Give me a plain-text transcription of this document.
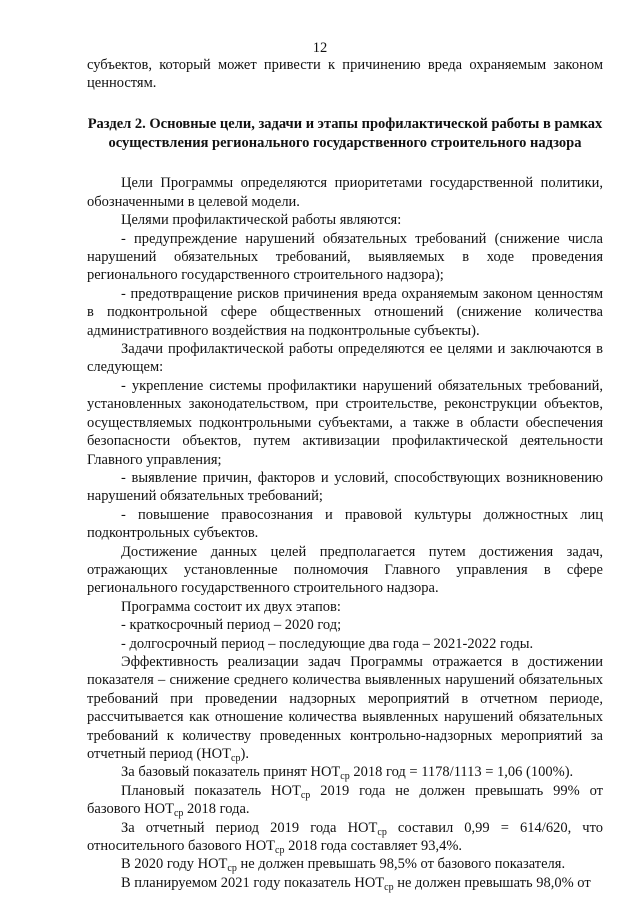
12

субъектов, который может привести к причинению вреда охраняемым законом ценностям.

Раздел 2. Основные цели, задачи и этапы профилактической работы в рамках осуществления регионального государственного строительного надзора

Цели Программы определяются приоритетами государственной политики, обозначенными в целевой модели.

Целями профилактической работы являются:

- предупреждение нарушений обязательных требований (снижение числа нарушений обязательных требований, выявляемых в ходе проведения регионального государственного строительного надзора);

- предотвращение рисков причинения вреда охраняемым законом ценностям в подконтрольной сфере общественных отношений (снижение количества административного воздействия на подконтрольные субъекты).

Задачи профилактической работы определяются ее целями и заключаются в следующем:

- укрепление системы профилактики нарушений обязательных требований, установленных законодательством, при строительстве, реконструкции объектов, осуществляемых подконтрольными субъектами, а также в области обеспечения безопасности объектов, путем активизации профилактической деятельности Главного управления;

- выявление причин, факторов и условий, способствующих возникновению нарушений обязательных требований;

- повышение правосознания и правовой культуры должностных лиц подконтрольных субъектов.

Достижение данных целей предполагается путем достижения задач, отражающих установленные полномочия Главного управления в сфере регионального государственного строительного надзора.

Программа состоит их двух этапов:

- краткосрочный период – 2020 год;

- долгосрочный период – последующие два года – 2021-2022 годы.

Эффективность реализации задач Программы отражается в достижении показателя – снижение среднего количества выявленных нарушений обязательных требований при проведении надзорных мероприятий в отчетном периоде, рассчитывается как отношение количества выявленных нарушений обязательных требований к количеству проведенных контрольно-надзорных мероприятий за отчетный период $(НОТ_{ср})$.

За базовый показатель принят $НОТ_{ср}$ 2018 год = 1178/1113 = 1,06 (100%).

Плановый показатель $НОТ_{ср}$ 2019 года не должен превышать 99% от базового $НОТ_{ср}$ 2018 года.

За отчетный период 2019 года $НОТ_{ср}$ составил 0,99 = 614/620, что относительного базового $НОТ_{ср}$ 2018 года составляет 93,4%.

В 2020 году $НОТ_{ср}$ не должен превышать 98,5% от базового показателя.

В планируемом 2021 году показатель $НОТ_{ср}$ не должен превышать 98,0% от
